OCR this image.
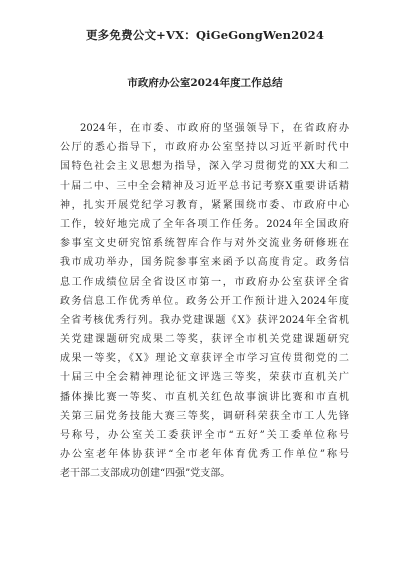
更多免费公文+VX：QiGeGongWen2024
市政府办公室2024年度工作总结
2024年，在市委、市政府的坚强领导下，在省政府办
公厅的悉心指导下，市政府办公室坚持以习近平新时代中
国特色社会主义思想为指导，深入学习贯彻党的XX大和二
十届二中、三中全会精神及习近平总书记考察X重要讲话精
神，扎实开展党纪学习教育，紧紧围绕市委、市政府中心
工作，较好地完成了全年各项工作任务。2024年全国政府
参事室文史研究馆系统智库合作与对外交流业务研修班在
我市成功举办，国务院参事室来函予以高度肯定。政务信
息工作成绩位居全省设区市第一，市政府办公室获评全省
政务信息工作优秀单位。政务公开工作预计进入2024年度
全省考核优秀行列。我办党建课题《X》获评2024年全省机
关党建课题研究成果二等奖，获评全市机关党建课题研究
成果一等奖，《X》理论文章获评全市学习宣传贯彻党的二
十届三中全会精神理论征文评选三等奖，荣获市直机关广
播体操比赛一等奖、市直机关红色故事演讲比赛和市直机
关第三届党务技能大赛三等奖，调研科荣获全市工人先锋
号称号，办公室关工委获评全市“五好”关工委单位称号
办公室老年体协获评“全市老年体育优秀工作单位”称号
老干部二支部成功创建“四强”党支部。
